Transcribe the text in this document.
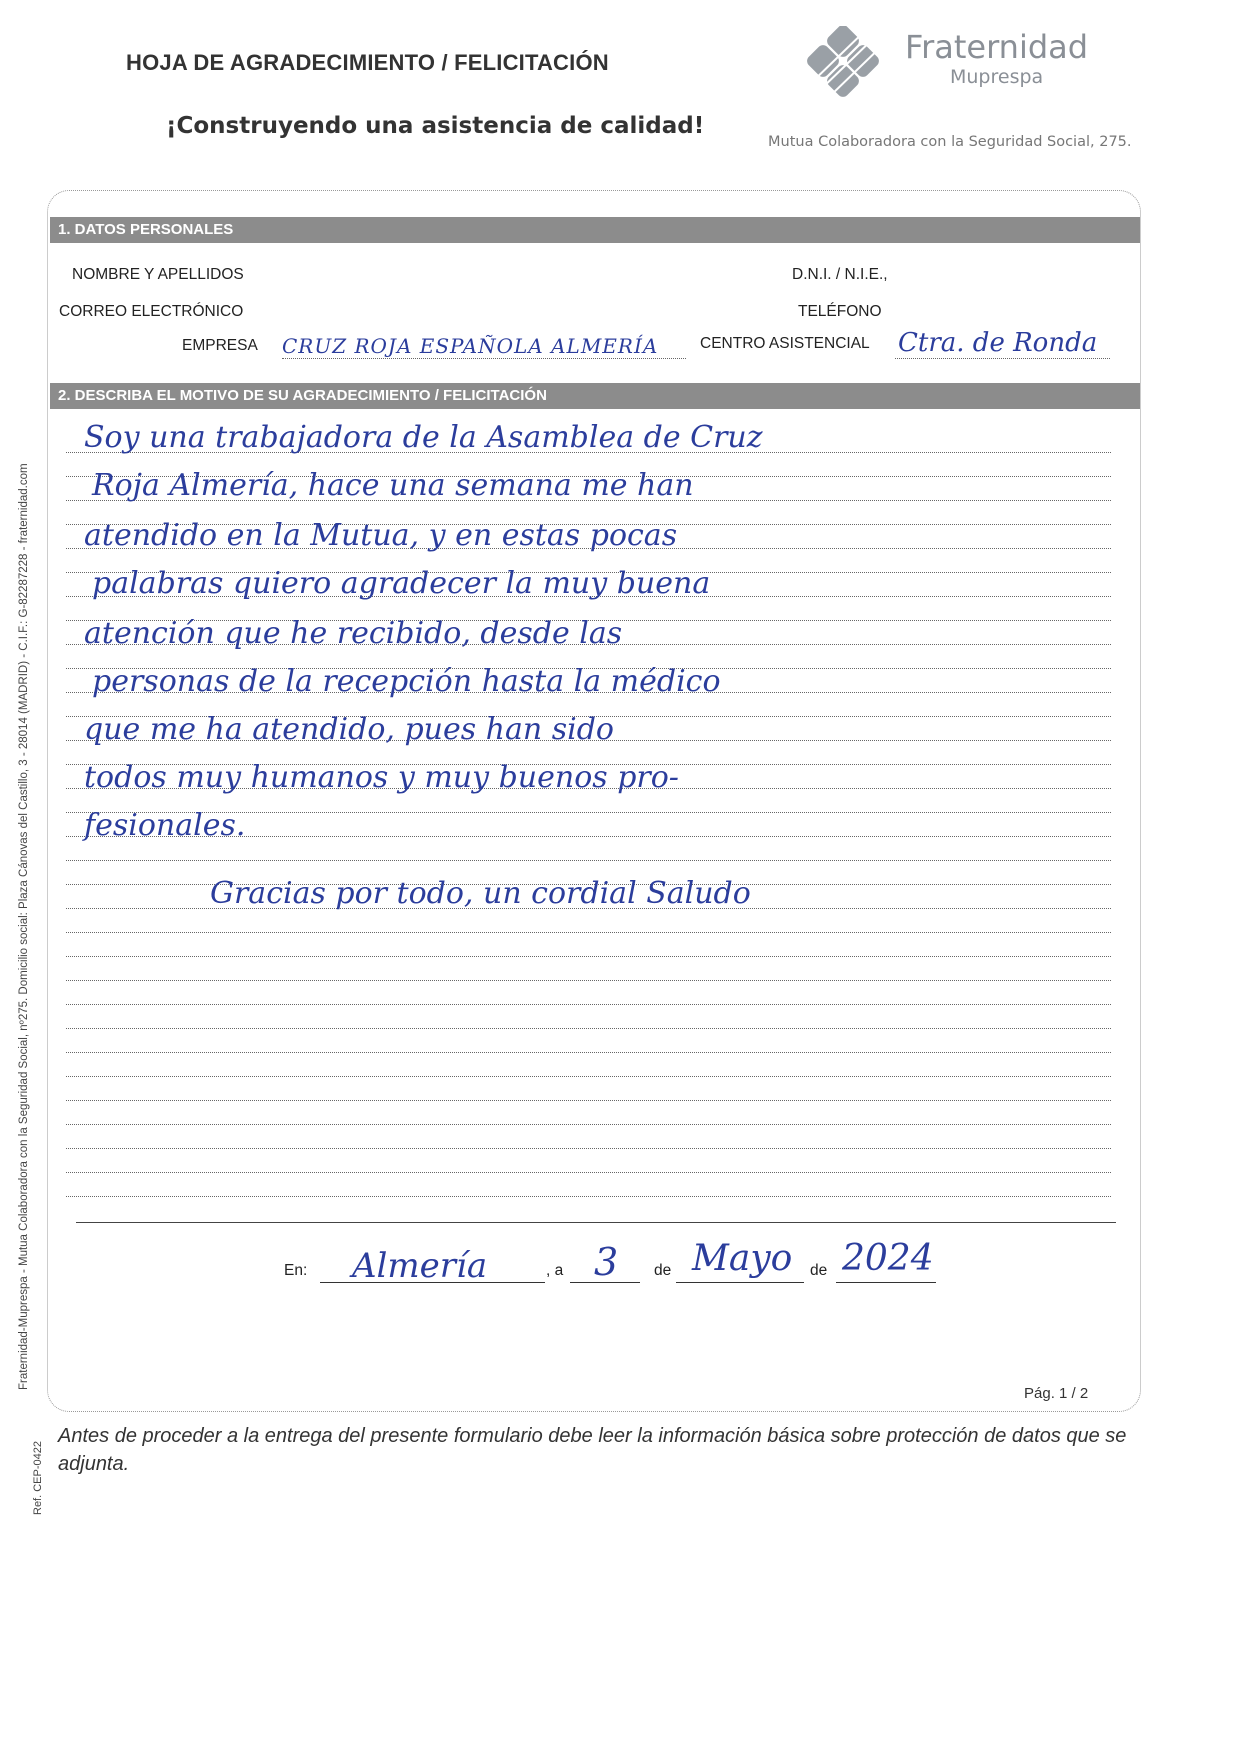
HOJA DE AGRADECIMIENTO / FELICITACIÓN
¡Construyendo una asistencia de calidad!
Fraternidad
Muprespa
Mutua Colaboradora con la Seguridad Social, 275.
Fraternidad-Muprespa - Mutua Colaboradora con la Seguridad Social, nº275. Domicilio social: Plaza Cánovas del Castillo, 3 - 28014 (MADRID) - C.I.F.: G-82287228 - fraternidad.com
Ref. CEP-0422
1. DATOS PERSONALES
NOMBRE Y APELLIDOS	D.N.I. / N.I.E.,
CORREO ELECTRÓNICO	TELÉFONO
EMPRESA CRUZ ROJA ESPAÑOLA ALMERÍA	CENTRO ASISTENCIAL Ctra. de Ronda
2. DESCRIBA EL MOTIVO DE SU AGRADECIMIENTO / FELICITACIÓN
Soy una trabajadora de la Asamblea de Cruz
Roja Almería, hace una semana me han
atendido en la Mutua, y en estas pocas
palabras quiero agradecer la muy buena
atención que he recibido, desde las
personas de la recepción hasta la médico
que me ha atendido, pues han sido
todos muy humanos y muy buenos pro-
fesionales.
Gracias por todo, un cordial Saludo
En: Almería	, a 3 de Mayo de 2024
Pág. 1 / 2
Antes de proceder a la entrega del presente formulario debe leer la información básica sobre protección de datos que se adjunta.
